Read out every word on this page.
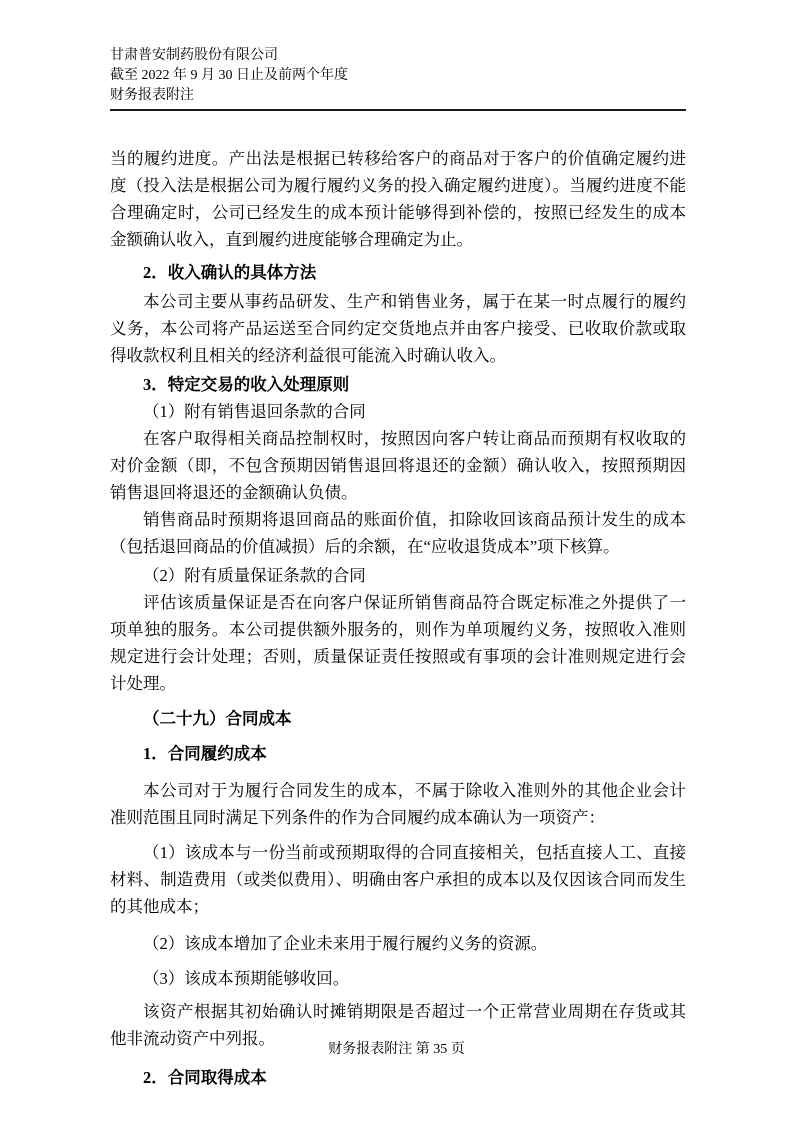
甘肃普安制药股份有限公司
截至 2022 年 9 月 30 日止及前两个年度
财务报表附注

当的履约进度。产出法是根据已转移给客户的商品对于客户的价值确定履约进度（投入法是根据公司为履行履约义务的投入确定履约进度）。当履约进度不能合理确定时，公司已经发生的成本预计能够得到补偿的，按照已经发生的成本金额确认收入，直到履约进度能够合理确定为止。

2．收入确认的具体方法

本公司主要从事药品研发、生产和销售业务，属于在某一时点履行的履约义务，本公司将产品运送至合同约定交货地点并由客户接受、已收取价款或取得收款权利且相关的经济利益很可能流入时确认收入。

3．特定交易的收入处理原则

（1）附有销售退回条款的合同

在客户取得相关商品控制权时，按照因向客户转让商品而预期有权收取的对价金额（即，不包含预期因销售退回将退还的金额）确认收入，按照预期因销售退回将退还的金额确认负债。

销售商品时预期将退回商品的账面价值，扣除收回该商品预计发生的成本（包括退回商品的价值减损）后的余额，在“应收退货成本”项下核算。

（2）附有质量保证条款的合同

评估该质量保证是否在向客户保证所销售商品符合既定标准之外提供了一项单独的服务。本公司提供额外服务的，则作为单项履约义务，按照收入准则规定进行会计处理；否则，质量保证责任按照或有事项的会计准则规定进行会计处理。

（二十九）合同成本

1．合同履约成本

本公司对于为履行合同发生的成本，不属于除收入准则外的其他企业会计准则范围且同时满足下列条件的作为合同履约成本确认为一项资产：

（1）该成本与一份当前或预期取得的合同直接相关，包括直接人工、直接材料、制造费用（或类似费用）、明确由客户承担的成本以及仅因该合同而发生的其他成本；

（2）该成本增加了企业未来用于履行履约义务的资源。

（3）该成本预期能够收回。

该资产根据其初始确认时摊销期限是否超过一个正常营业周期在存货或其他非流动资产中列报。

2．合同取得成本

财务报表附注 第 35 页
